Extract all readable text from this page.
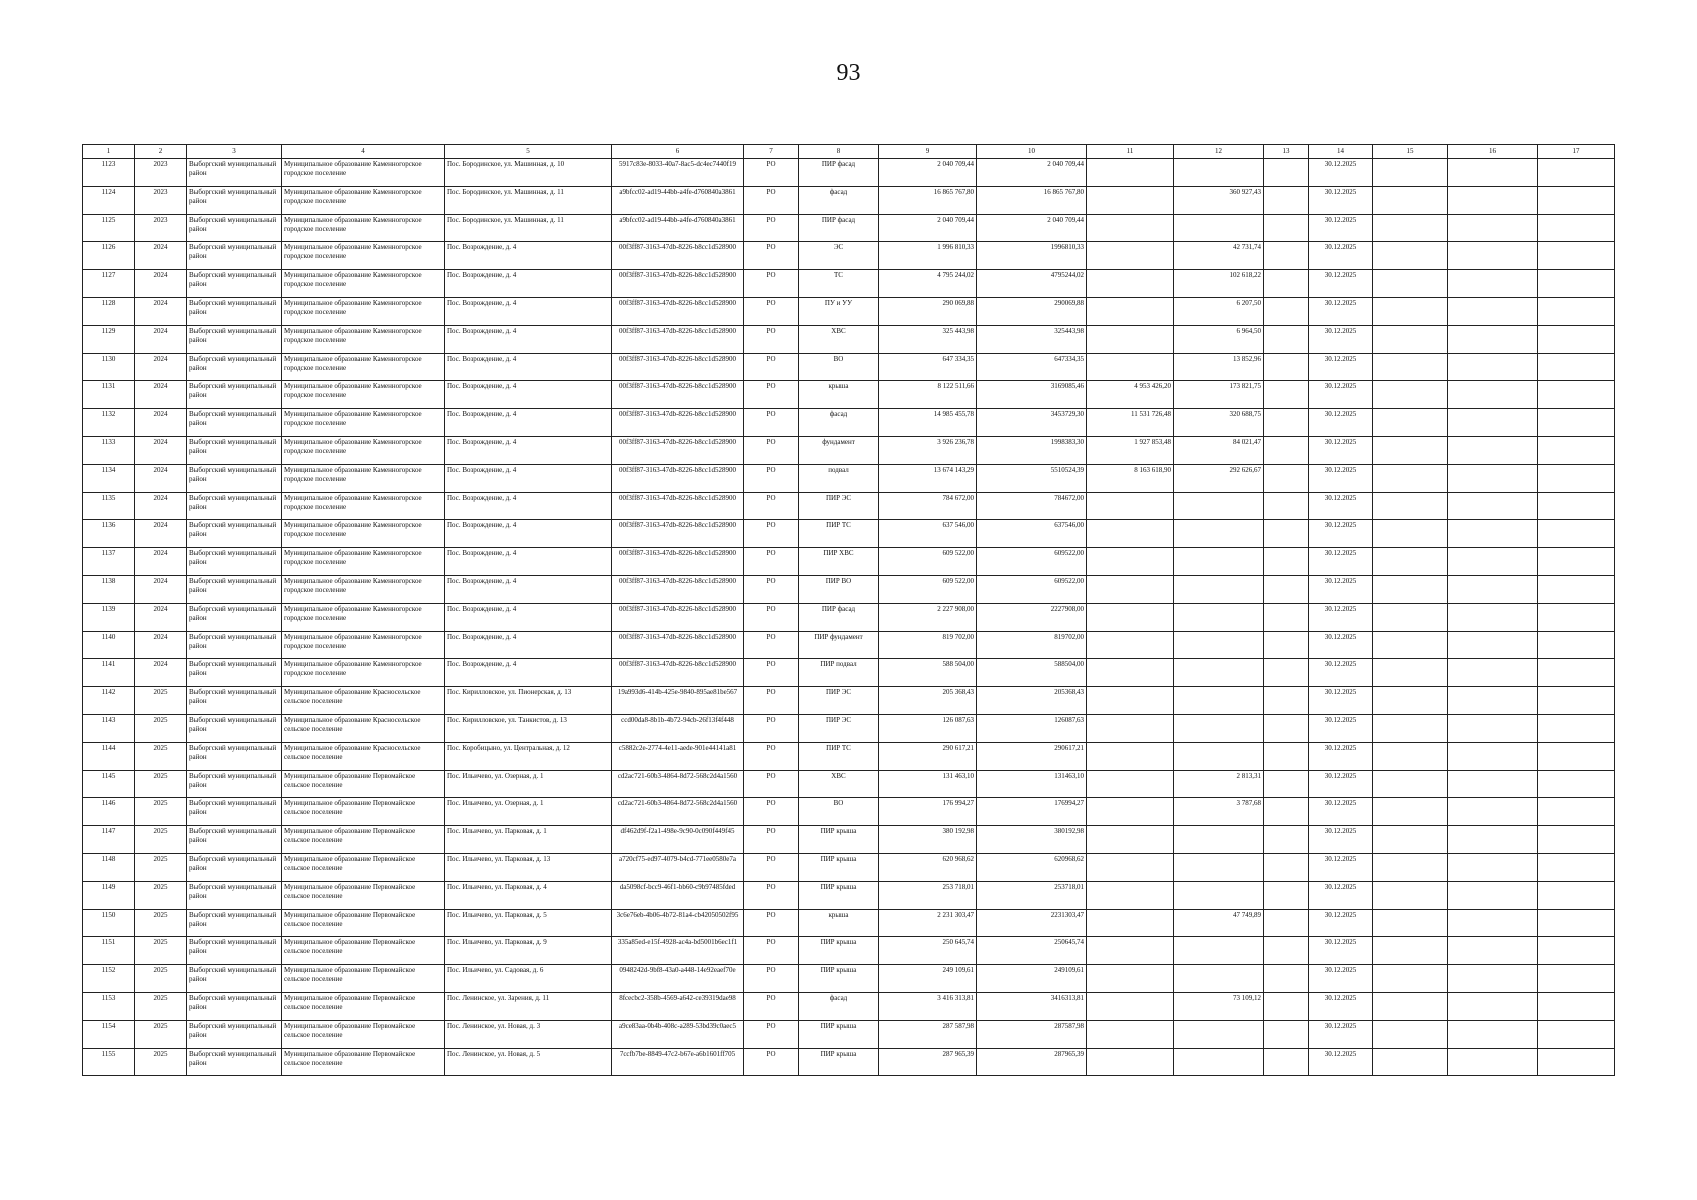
93
1	2	3	4	5	6	7	8	9	10	11	12	13	14	15	16	17
1123	2023	Выборгский муниципальный район	Муниципальное образование Каменногорское городское поселение	Пос. Бородинское, ул. Машинная, д. 10	5917c83e-8033-40a7-8ac5-dc4ec7440f19	РО	ПИР фасад	2 040 709,44	2 040 709,44				30.12.2025			
1124	2023	Выборгский муниципальный район	Муниципальное образование Каменногорское городское поселение	Пос. Бородинское, ул. Машинная, д. 11	a9bfcc02-ad19-44bb-a4fe-d760840a3861	РО	фасад	16 865 767,80	16 865 767,80		360 927,43		30.12.2025			
1125	2023	Выборгский муниципальный район	Муниципальное образование Каменногорское городское поселение	Пос. Бородинское, ул. Машинная, д. 11	a9bfcc02-ad19-44bb-a4fe-d760840a3861	РО	ПИР фасад	2 040 709,44	2 040 709,44				30.12.2025			
1126	2024	Выборгский муниципальный район	Муниципальное образование Каменногорское городское поселение	Пос. Возрождение, д. 4	00f3ff87-3163-47db-8226-b8cc1d528900	РО	ЭС	1 996 810,33	1996810,33		42 731,74		30.12.2025			
1127	2024	Выборгский муниципальный район	Муниципальное образование Каменногорское городское поселение	Пос. Возрождение, д. 4	00f3ff87-3163-47db-8226-b8cc1d528900	РО	ТС	4 795 244,02	4795244,02		102 618,22		30.12.2025			
1128	2024	Выборгский муниципальный район	Муниципальное образование Каменногорское городское поселение	Пос. Возрождение, д. 4	00f3ff87-3163-47db-8226-b8cc1d528900	РО	ПУ и УУ	290 069,88	290069,88		6 207,50		30.12.2025			
1129	2024	Выборгский муниципальный район	Муниципальное образование Каменногорское городское поселение	Пос. Возрождение, д. 4	00f3ff87-3163-47db-8226-b8cc1d528900	РО	ХВС	325 443,98	325443,98		6 964,50		30.12.2025			
1130	2024	Выборгский муниципальный район	Муниципальное образование Каменногорское городское поселение	Пос. Возрождение, д. 4	00f3ff87-3163-47db-8226-b8cc1d528900	РО	ВО	647 334,35	647334,35		13 852,96		30.12.2025			
1131	2024	Выборгский муниципальный район	Муниципальное образование Каменногорское городское поселение	Пос. Возрождение, д. 4	00f3ff87-3163-47db-8226-b8cc1d528900	РО	крыша	8 122 511,66	3169085,46	4 953 426,20	173 821,75		30.12.2025			
1132	2024	Выборгский муниципальный район	Муниципальное образование Каменногорское городское поселение	Пос. Возрождение, д. 4	00f3ff87-3163-47db-8226-b8cc1d528900	РО	фасад	14 985 455,78	3453729,30	11 531 726,48	320 688,75		30.12.2025			
1133	2024	Выборгский муниципальный район	Муниципальное образование Каменногорское городское поселение	Пос. Возрождение, д. 4	00f3ff87-3163-47db-8226-b8cc1d528900	РО	фундамент	3 926 236,78	1998383,30	1 927 853,48	84 021,47		30.12.2025			
1134	2024	Выборгский муниципальный район	Муниципальное образование Каменногорское городское поселение	Пос. Возрождение, д. 4	00f3ff87-3163-47db-8226-b8cc1d528900	РО	подвал	13 674 143,29	5510524,39	8 163 618,90	292 626,67		30.12.2025			
1135	2024	Выборгский муниципальный район	Муниципальное образование Каменногорское городское поселение	Пос. Возрождение, д. 4	00f3ff87-3163-47db-8226-b8cc1d528900	РО	ПИР ЭС	784 672,00	784672,00				30.12.2025			
1136	2024	Выборгский муниципальный район	Муниципальное образование Каменногорское городское поселение	Пос. Возрождение, д. 4	00f3ff87-3163-47db-8226-b8cc1d528900	РО	ПИР ТС	637 546,00	637546,00				30.12.2025			
1137	2024	Выборгский муниципальный район	Муниципальное образование Каменногорское городское поселение	Пос. Возрождение, д. 4	00f3ff87-3163-47db-8226-b8cc1d528900	РО	ПИР ХВС	609 522,00	609522,00				30.12.2025			
1138	2024	Выборгский муниципальный район	Муниципальное образование Каменногорское городское поселение	Пос. Возрождение, д. 4	00f3ff87-3163-47db-8226-b8cc1d528900	РО	ПИР ВО	609 522,00	609522,00				30.12.2025			
1139	2024	Выборгский муниципальный район	Муниципальное образование Каменногорское городское поселение	Пос. Возрождение, д. 4	00f3ff87-3163-47db-8226-b8cc1d528900	РО	ПИР фасад	2 227 908,00	2227908,00				30.12.2025			
1140	2024	Выборгский муниципальный район	Муниципальное образование Каменногорское городское поселение	Пос. Возрождение, д. 4	00f3ff87-3163-47db-8226-b8cc1d528900	РО	ПИР фундамент	819 702,00	819702,00				30.12.2025			
1141	2024	Выборгский муниципальный район	Муниципальное образование Каменногорское городское поселение	Пос. Возрождение, д. 4	00f3ff87-3163-47db-8226-b8cc1d528900	РО	ПИР подвал	588 504,00	588504,00				30.12.2025			
1142	2025	Выборгский муниципальный район	Муниципальное образование Красносельское сельское поселение	Пос. Кирилловское, ул. Пионерская, д. 13	19a993d6-414b-425e-9840-895ae81be567	РО	ПИР ЭС	205 368,43	205368,43				30.12.2025			
1143	2025	Выборгский муниципальный район	Муниципальное образование Красносельское сельское поселение	Пос. Кирилловское, ул. Танкистов, д. 13	ccd00da8-8b1b-4b72-94cb-26f13f4f448	РО	ПИР ЭС	126 087,63	126087,63				30.12.2025			
1144	2025	Выборгский муниципальный район	Муниципальное образование Красносельское сельское поселение	Пос. Коробицыно, ул. Центральная, д. 12	c5882c2e-2774-4e11-aede-901e44141a81	РО	ПИР ТС	290 617,21	290617,21				30.12.2025			
1145	2025	Выборгский муниципальный район	Муниципальное образование Первомайское сельское поселение	Пос. Ильичево, ул. Озерная, д. 1	cd2ac721-60b3-4864-8d72-568c2d4a1560	РО	ХВС	131 463,10	131463,10		2 813,31		30.12.2025			
1146	2025	Выборгский муниципальный район	Муниципальное образование Первомайское сельское поселение	Пос. Ильичево, ул. Озерная, д. 1	cd2ac721-60b3-4864-8d72-568c2d4a1560	РО	ВО	176 994,27	176994,27		3 787,68		30.12.2025			
1147	2025	Выборгский муниципальный район	Муниципальное образование Первомайское сельское поселение	Пос. Ильичево, ул. Парковая, д. 1	df462d9f-f2a1-498e-9c90-0c090f449f45	РО	ПИР крыша	380 192,98	380192,98				30.12.2025			
1148	2025	Выборгский муниципальный район	Муниципальное образование Первомайское сельское поселение	Пос. Ильичево, ул. Парковая, д. 13	a720cf75-ed97-4079-b4cd-771ee0580e7a	РО	ПИР крыша	620 968,62	620968,62				30.12.2025			
1149	2025	Выборгский муниципальный район	Муниципальное образование Первомайское сельское поселение	Пос. Ильичево, ул. Парковая, д. 4	da5098cf-bcc9-46f1-bb60-c9b97485fded	РО	ПИР крыша	253 718,01	253718,01				30.12.2025			
1150	2025	Выборгский муниципальный район	Муниципальное образование Первомайское сельское поселение	Пос. Ильичево, ул. Парковая, д. 5	3c6e76eb-4b06-4b72-81a4-cb42050502f95	РО	крыша	2 231 303,47	2231303,47		47 749,89		30.12.2025			
1151	2025	Выборгский муниципальный район	Муниципальное образование Первомайское сельское поселение	Пос. Ильичево, ул. Парковая, д. 9	335a85ed-e15f-4928-ac4a-bd5001b6ec1f1	РО	ПИР крыша	250 645,74	250645,74				30.12.2025			
1152	2025	Выборгский муниципальный район	Муниципальное образование Первомайское сельское поселение	Пос. Ильичево, ул. Садовая, д. 6	0948242d-9bf8-43a0-a448-14e92eaef70e	РО	ПИР крыша	249 109,61	249109,61				30.12.2025			
1153	2025	Выборгский муниципальный район	Муниципальное образование Первомайское сельское поселение	Пос. Ленинское, ул. Зарения, д. 11	8fcecbc2-358b-4569-a642-ce39319dae98	РО	фасад	3 416 313,81	3416313,81		73 109,12		30.12.2025			
1154	2025	Выборгский муниципальный район	Муниципальное образование Первомайское сельское поселение	Пос. Ленинское, ул. Новая, д. 3	a9ce83aa-0b4b-408c-a289-53bd39c0aec5	РО	ПИР крыша	287 587,98	287587,98				30.12.2025			
1155	2025	Выборгский муниципальный район	Муниципальное образование Первомайское сельское поселение	Пос. Ленинское, ул. Новая, д. 5	7ccfb7be-8849-47c2-b67e-a6b1601ff705	РО	ПИР крыша	287 965,39	287965,39				30.12.2025			
